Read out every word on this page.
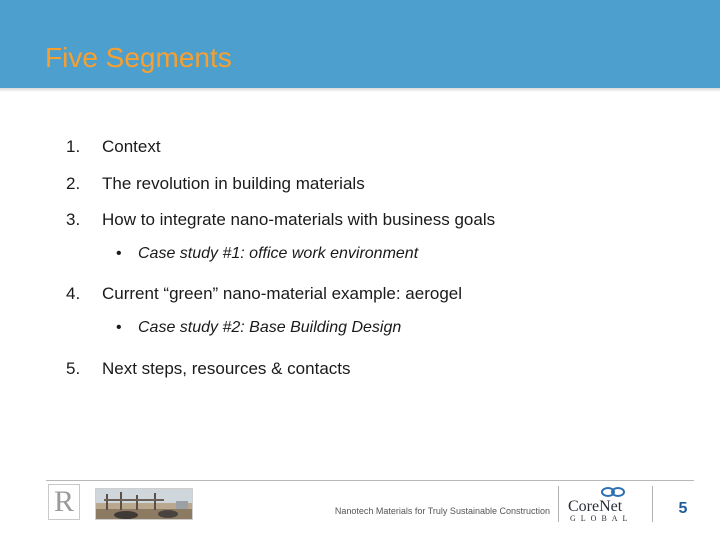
Five Segments
1. Context
2. The revolution in building materials
3. How to integrate nano-materials with business goals
• Case study #1: office work environment
4. Current “green” nano-material example: aerogel
• Case study #2: Base Building Design
5. Next steps, resources & contacts
R	Nanotech Materials for Truly Sustainable Construction CoreNet
GLOBAL
5
